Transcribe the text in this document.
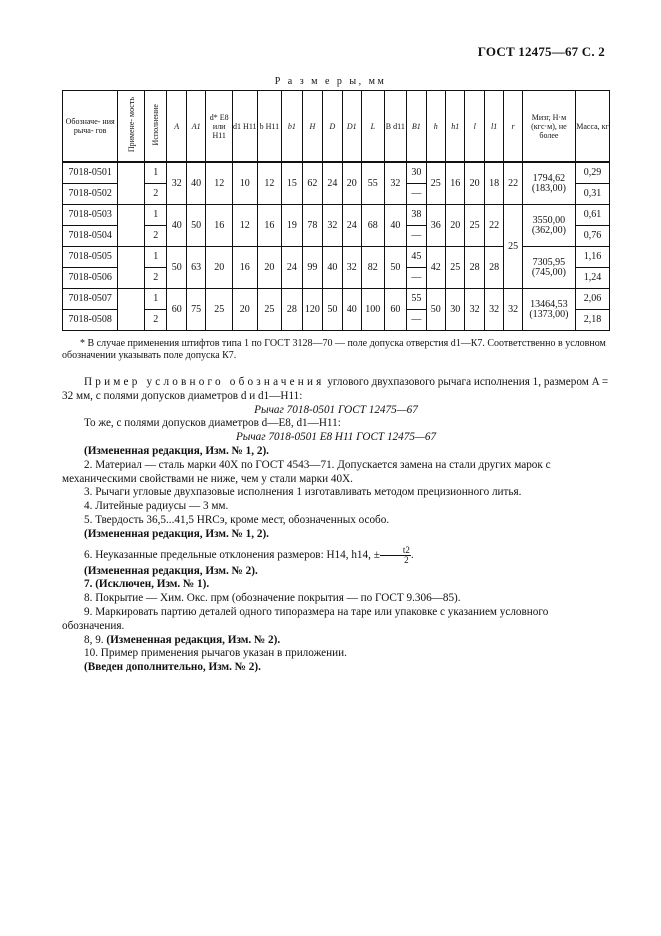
ГОСТ 12475—67 С. 2
Р а з м е р ы, мм
Обозначе- ния рыча- гов	Примене- мость	Исполнение	A	A1	d* E8 или H11	d1 H11	b H11	b1	H	D	D1	L	B d11	B1	h	h1	l	l1	r	Mизг, Н·м (кгс·м), не более	Масса, кг
7018-0501		1	32	40	12	10	12	15	62	24	20	55	32	30	25	16	20	18	22	1794,62 (183,00)	0,29
7018-0502		2												—							0,31
7018-0503		1	40	50	16	12	16	19	78	32	24	68	40	38	36	20	25	22	25	3550,00 (362,00)	0,61
7018-0504		2												—							0,76
7018-0505		1	50	63	20	16	20	24	99	40	32	82	50	45	42	25	28	28		7305,95 (745,00)	1,16
7018-0506		2												—							1,24
7018-0507		1	60	75	25	20	25	28	120	50	40	100	60	55	50	30	32	32	32	13464,53 (1373,00)	2,06
7018-0508		2												—							2,18
* В случае применения штифтов типа 1 по ГОСТ 3128—70 — поле допуска отверстия d1—К7. Соответственно в условном обозначении указывать поле допуска К7.

Пример условного обозначения углового двухпазового рычага исполнения 1, размером A = 32 мм, с полями допусков диаметров d и d1—H11:

Рычаг 7018-0501 ГОСТ 12475—67

То же, с полями допусков диаметров d—E8, d1—H11:

Рычаг 7018-0501 E8 H11 ГОСТ 12475—67

(Измененная редакция, Изм. № 1, 2).

2. Материал — сталь марки 40Х по ГОСТ 4543—71. Допускается замена на стали других марок с механическими свойствами не ниже, чем у стали марки 40Х.

3. Рычаги угловые двухпазовые исполнения 1 изготавливать методом прецизионного литья.

4. Литейные радиусы — 3 мм.

5. Твердость 36,5...41,5 HRCэ, кроме мест, обозначенных особо.

(Измененная редакция, Изм. № 1, 2).

6. Неуказанные предельные отклонения размеров: H14, h14, ± $\frac{t2}{2}$ .

(Измененная редакция, Изм. № 2).

7. (Исключен, Изм. № 1).

8. Покрытие — Хим. Окс. прм (обозначение покрытия — по ГОСТ 9.306—85).

9. Маркировать партию деталей одного типоразмера на таре или упаковке с указанием условного обозначения.

8, 9. (Измененная редакция, Изм. № 2).

10. Пример применения рычагов указан в приложении.

(Введен дополнительно, Изм. № 2).
